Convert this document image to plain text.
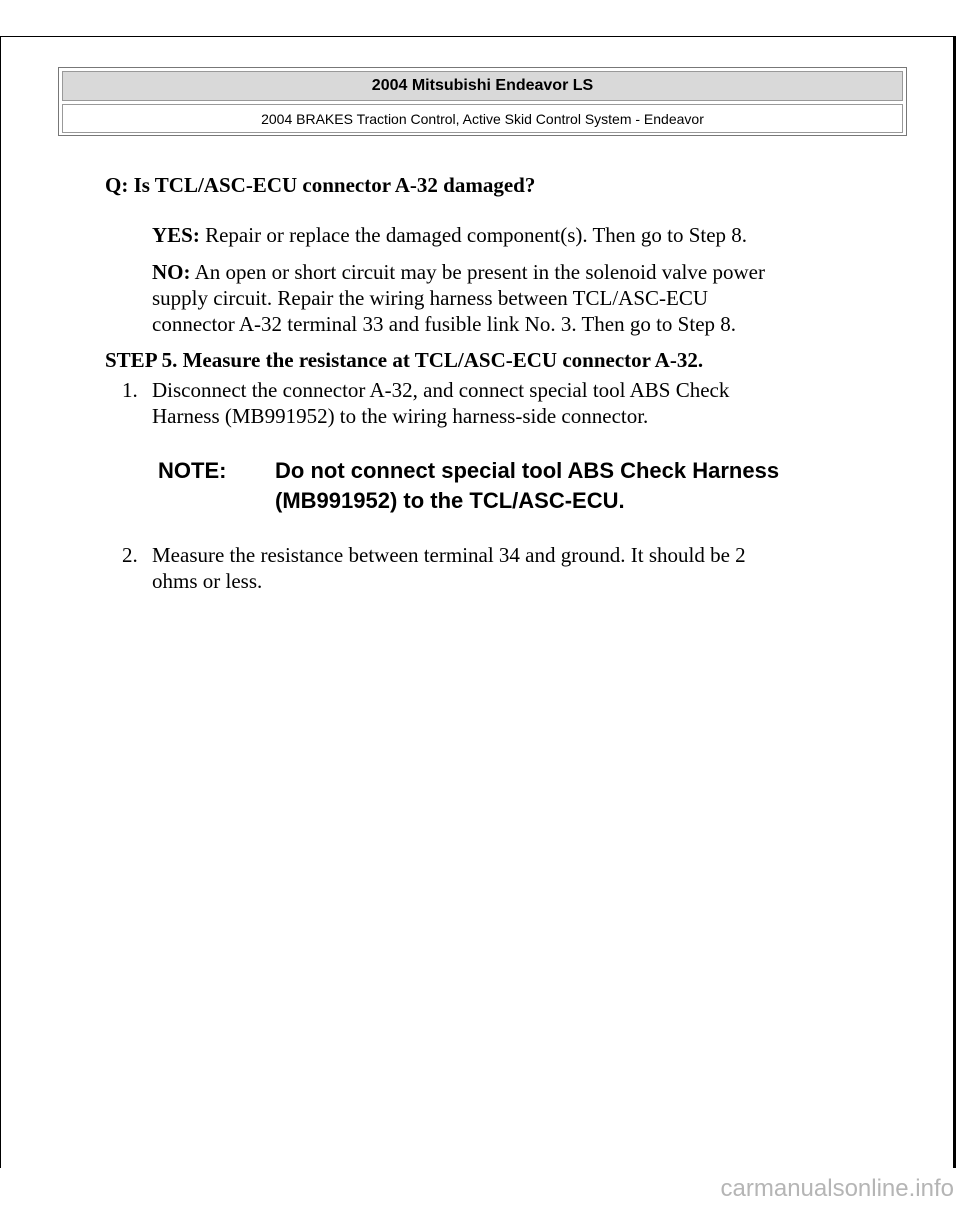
2004 Mitsubishi Endeavor LS
2004 BRAKES Traction Control, Active Skid Control System - Endeavor
Q: Is TCL/ASC-ECU connector A-32 damaged?
YES: Repair or replace the damaged component(s). Then go to Step 8.
NO: An open or short circuit may be present in the solenoid valve power
supply circuit. Repair the wiring harness between TCL/ASC-ECU
connector A-32 terminal 33 and fusible link No. 3. Then go to Step 8.
STEP 5. Measure the resistance at TCL/ASC-ECU connector A-32.
1. Disconnect the connector A-32, and connect special tool ABS Check
Harness (MB991952) to the wiring harness-side connector.
NOTE: Do not connect special tool ABS Check Harness
(MB991952) to the TCL/ASC-ECU.
2. Measure the resistance between terminal 34 and ground. It should be 2
ohms or less.
carmanualsonline.info
